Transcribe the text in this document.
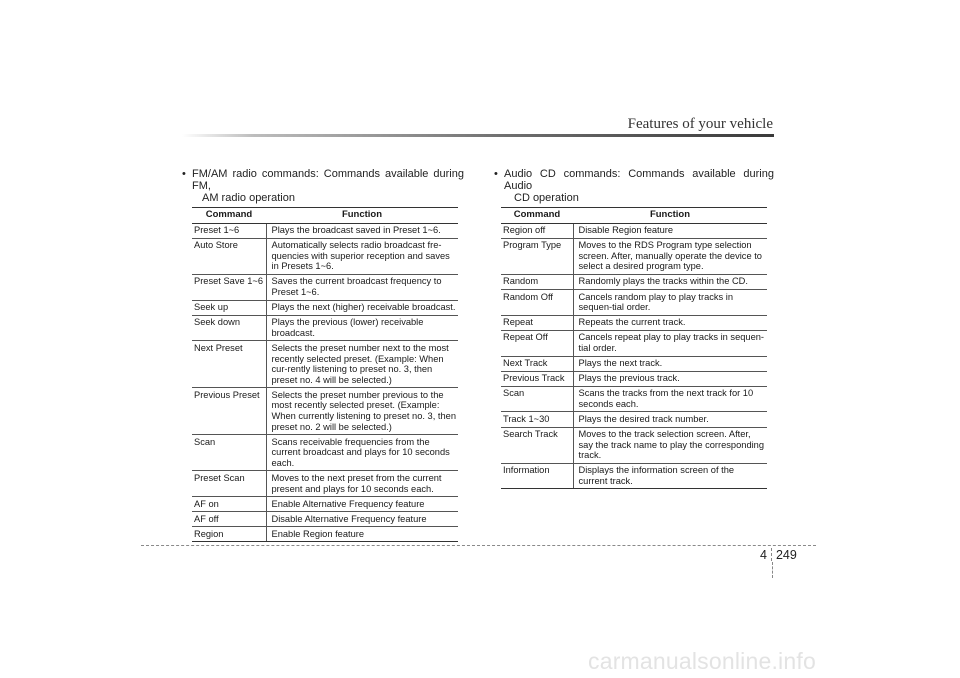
Features of your vehicle
• FM/AM radio commands: Commands available during FM,
AM radio operation
Command	Function
Preset 1~6	Plays the broadcast saved in Preset 1~6.
Auto Store	Automatically selects radio broadcast fre-quencies with superior reception and saves in Presets 1~6.
Preset Save 1~6	Saves the current broadcast frequency to Preset 1~6.
Seek up	Plays the next (higher) receivable broadcast.
Seek down	Plays the previous (lower) receivable broadcast.
Next Preset	Selects the preset number next to the most recently selected preset. (Example: When cur-rently listening to preset no. 3, then preset no. 4 will be selected.)
Previous Preset	Selects the preset number previous to the most recently selected preset. (Example: When currently listening to preset no. 3, then preset no. 2 will be selected.)
Scan	Scans receivable frequencies from the current broadcast and plays for 10 seconds each.
Preset Scan	Moves to the next preset from the current present and plays for 10 seconds each.
AF on	Enable Alternative Frequency feature
AF off	Disable Alternative Frequency feature
Region	Enable Region feature
• Audio CD commands: Commands available during Audio
CD operation
Command	Function
Region off	Disable Region feature
Program Type	Moves to the RDS Program type selection screen. After, manually operate the device to select a desired program type.
Random	Randomly plays the tracks within the CD.
Random Off	Cancels random play to play tracks in sequen-tial order.
Repeat	Repeats the current track.
Repeat Off	Cancels repeat play to play tracks in sequen-tial order.
Next Track	Plays the next track.
Previous Track	Plays the previous track.
Scan	Scans the tracks from the next track for 10 seconds each.
Track 1~30	Plays the desired track number.
Search Track	Moves to the track selection screen. After, say the track name to play the corresponding track.
Information	Displays the information screen of the current track.
4 249
carmanualsonline.info
